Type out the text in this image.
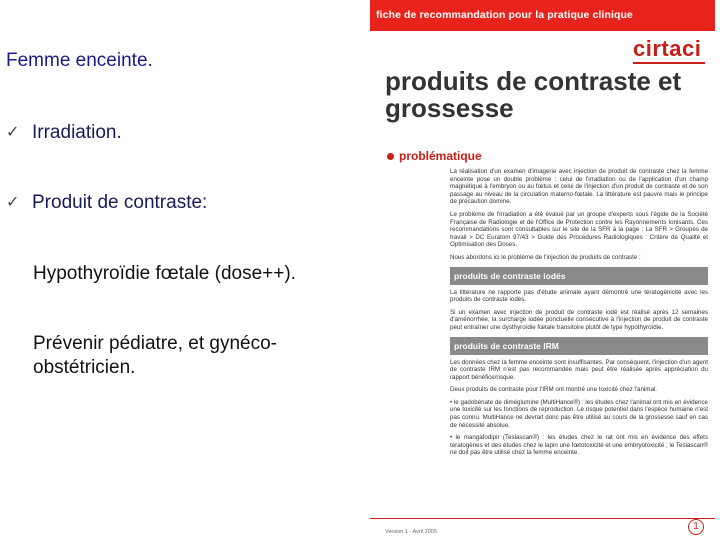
Femme enceinte.
✓ Irradiation.
✓ Produit de contraste:
Hypothyroïdie fœtale (dose++).
Prévenir pédiatre, et gynéco-obstétricien.
fiche de recommandation pour la pratique clinique
cirtaci
produits de contraste et grossesse
problématique

La réalisation d'un examen d'imagerie avec injection de produit de contraste chez la femme enceinte pose un double problème : celui de l'irradiation ou de l'application d'un champ magnétique à l'embryon ou au fœtus et celui de l'injection d'un produit de contraste et de son passage au niveau de la circulation materno-fœtale. La littérature est pauvre mais le principe de précaution domine.

Le problème de l'irradiation a été évalué par un groupe d'experts sous l'égide de la Société Française de Radiologie et de l'Office de Protection contre les Rayonnements Ionisants. Ces recommandations sont consultables sur le site de la SFR à la page : La SFR > Groupes de travail > DC Euratom 97/43 > Guide des Procédures Radiologiques : Critère de Qualité et Optimisation des Doses.

Nous abordons ici le problème de l'injection de produits de contraste :

produits de contraste iodés

La littérature ne rapporte pas d'étude animale ayant démontré une tératogénicité avec les produits de contraste iodés.

Si un examen avec injection de produit de contraste iodé est réalisé après 12 semaines d'aménorrhée, la surcharge iodée ponctuelle consécutive à l'injection de produit de contraste peut entraîner une dysthyroïdie fœtale transitoire plutôt de type hypothyroïdie.

produits de contraste IRM

Les données chez la femme enceinte sont insuffisantes. Par conséquent, l'injection d'un agent de contraste IRM n'est pas recommandée mais peut être réalisée après appréciation du rapport bénéfice/risque.

Deux produits de contraste pour l'IRM ont montré une toxicité chez l'animal.

• le gadobénate de diméglumine (MultiHance®) : les études chez l'animal ont mis en évidence une toxicité sur les fonctions de reproduction. Le risque potentiel dans l'espèce humaine n'est pas connu. MultiHance ne devrait donc pas être utilisé au cours de la grossesse sauf en cas de nécessité absolue.

• le mangafodipir (Teslascan®) : les études chez le rat ont mis en évidence des effets tératogènes et des études chez le lapin une fœtotoxicité et une embryotoxicité ; le Teslascan® ne doit pas être utilisé chez la femme enceinte.

Version 1 - Avril 2005	1
